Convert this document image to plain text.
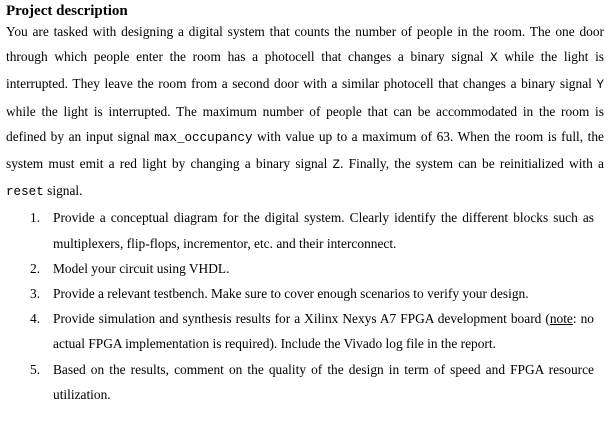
Project description

You are tasked with designing a digital system that counts the number of people in the room. The one door through which people enter the room has a photocell that changes a binary signal X while the light is interrupted. They leave the room from a second door with a similar photocell that changes a binary signal Y while the light is interrupted. The maximum number of people that can be accommodated in the room is defined by an input signal max_occupancy with value up to a maximum of 63. When the room is full, the system must emit a red light by changing a binary signal Z. Finally, the system can be reinitialized with a reset signal.

1. Provide a conceptual diagram for the digital system. Clearly identify the different blocks such as multiplexers, flip-flops, incrementor, etc. and their interconnect.
2. Model your circuit using VHDL.
3. Provide a relevant testbench. Make sure to cover enough scenarios to verify your design.
4. Provide simulation and synthesis results for a Xilinx Nexys A7 FPGA development board (note: no actual FPGA implementation is required). Include the Vivado log file in the report.
5. Based on the results, comment on the quality of the design in term of speed and FPGA resource utilization.
